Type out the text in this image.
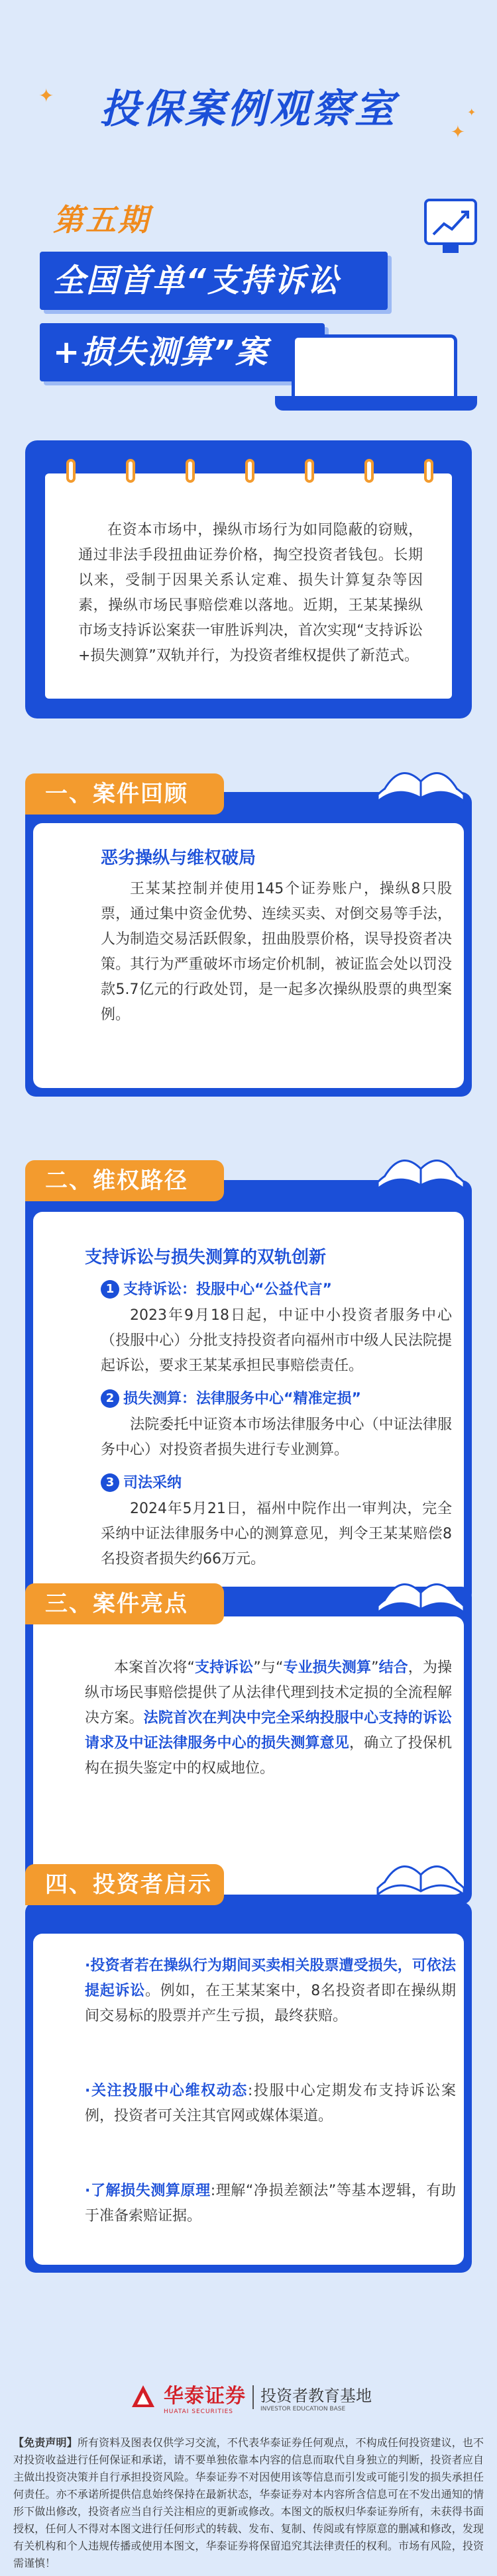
✦
✦
✦
投保案例观察室
第五期
全国首单“支持诉讼
+损失测算”案

在资本市场中，操纵市场行为如同隐蔽的窃贼，通过非法手段扭曲证券价格，掏空投资者钱包。长期以来，受制于因果关系认定难、损失计算复杂等因素，操纵市场民事赔偿难以落地。近期，王某某操纵市场支持诉讼案获一审胜诉判决，首次实现“支持诉讼+损失测算”双轨并行，为投资者维权提供了新范式。

一、案件回顾
恶劣操纵与维权破局

王某某控制并使用145个证券账户，操纵8只股票，通过集中资金优势、连续买卖、对倒交易等手法，人为制造交易活跃假象，扭曲股票价格，误导投资者决策。其行为严重破坏市场定价机制，被证监会处以罚没款5.7亿元的行政处罚，是一起多次操纵股票的典型案例。

二、维权路径
支持诉讼与损失测算的双轨创新
1 支持诉讼：投服中心“公益代言”

2023年9月18日起，中证中小投资者服务中心（投服中心）分批支持投资者向福州市中级人民法院提起诉讼，要求王某某承担民事赔偿责任。

2 损失测算：法律服务中心“精准定损”

法院委托中证资本市场法律服务中心（中证法律服务中心）对投资者损失进行专业测算。

3 司法采纳

2024年5月21日，福州中院作出一审判决，完全采纳中证法律服务中心的测算意见，判令王某某赔偿8名投资者损失约66万元。

三、案件亮点

本案首次将“支持诉讼”与“专业损失测算”结合，为操纵市场民事赔偿提供了从法律代理到技术定损的全流程解决方案。法院首次在判决中完全采纳投服中心支持的诉讼请求及中证法律服务中心的损失测算意见，确立了投保机构在损失鉴定中的权威地位。

四、投资者启示

·投资者若在操纵行为期间买卖相关股票遭受损失，可依法提起诉讼。例如，在王某某案中，8名投资者即在操纵期间交易标的股票并产生亏损，最终获赔。

·关注投服中心维权动态:投服中心定期发布支持诉讼案例，投资者可关注其官网或媒体渠道。

·了解损失测算原理:理解“净损差额法”等基本逻辑，有助于准备索赔证据。

华泰证券
HUATAI SECURITIES
投资者教育基地
INVESTOR EDUCATION BASE

【免责声明】所有资料及图表仅供学习交流，不代表华泰证券任何观点，不构成任何投资建议，也不对投资收益进行任何保证和承诺，请不要单独依靠本内容的信息而取代自身独立的判断，投资者应自主做出投资决策并自行承担投资风险。华泰证券不对因使用该等信息而引发或可能引发的损失承担任何责任。亦不承诺所提供信息始终保持在最新状态，华泰证券对本内容所含信息可在不发出通知的情形下做出修改，投资者应当自行关注相应的更新或修改。本图文的版权归华泰证券所有，未获得书面授权，任何人不得对本图文进行任何形式的转载、发布、复制、传阅或有悖原意的删减和修改，发现有关机构和个人违规传播或使用本图文，华泰证券将保留追究其法律责任的权利。市场有风险，投资需谨慎！
